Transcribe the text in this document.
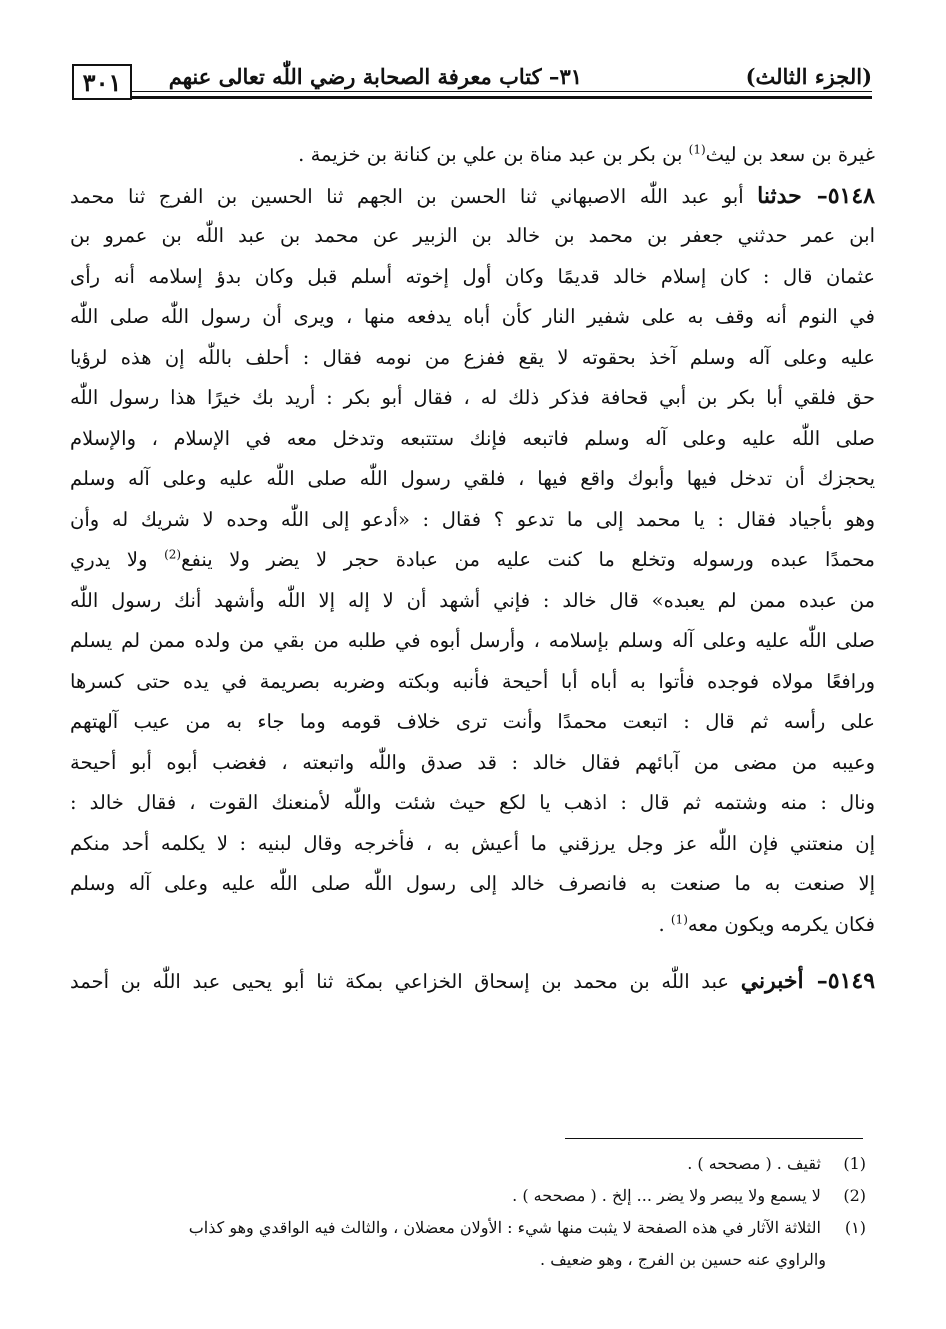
٣٠١	٣١– كتاب معرفة الصحابة رضي اللّٰه تعالى عنهم	(الجزء الثالث)
غيرة بن سعد بن ليث$^{(1)}$ بن بكر بن عبد مناة بن علي بن كنانة بن خزيمة .
٥١٤٨– حدثنا أبو عبد اللّٰه الاصبهاني ثنا الحسن بن الجهم ثنا الحسين بن الفرج ثنا محمد
ابن عمر حدثني جعفر بن محمد بن خالد بن الزبير عن محمد بن عبد اللّٰه بن عمرو بن
عثمان قال : كان إسلام خالد قديمًا وكان أول إخوته أسلم قبل وكان بدؤ إسلامه أنه رأى
في النوم أنه وقف به على شفير النار كأن أباه يدفعه منها ، ويرى أن رسول اللّٰه صلى اللّٰه
عليه وعلى آله وسلم آخذ بحقوته لا يقع ففزع من نومه فقال : أحلف باللّٰه إن هذه لرؤيا
حق فلقي أبا بكر بن أبي قحافة فذكر ذلك له ، فقال أبو بكر : أريد بك خيرًا هذا رسول اللّٰه
صلى اللّٰه عليه وعلى آله وسلم فاتبعه فإنك ستتبعه وتدخل معه في الإسلام ، والإسلام
يحجزك أن تدخل فيها وأبوك واقع فيها ، فلقي رسول اللّٰه صلى اللّٰه عليه وعلى آله وسلم
وهو بأجياد فقال : يا محمد إلى ما تدعو ؟ فقال : «أدعو إلى اللّٰه وحده لا شريك له وأن
محمدًا عبده ورسوله وتخلع ما كنت عليه من عبادة حجر لا يضر ولا ينفع$^{(2)}$ ولا يدري
من عبده ممن لم يعبده» قال خالد : فإني أشهد أن لا إله إلا اللّٰه وأشهد أنك رسول اللّٰه
صلى اللّٰه عليه وعلى آله وسلم بإسلامه ، وأرسل أبوه في طلبه من بقي من ولده ممن لم يسلم
ورافعًا مولاه فوجده فأتوا به أباه أبا أحيحة فأنبه وبكته وضربه بصريمة في يده حتى كسرها
على رأسه ثم قال : اتبعت محمدًا وأنت ترى خلاف قومه وما جاء به من عيب آلهتهم
وعيبه من مضى من آبائهم فقال خالد : قد صدق واللّٰه واتبعته ، فغضب أبوه أبو أحيحة
ونال : منه وشتمه ثم قال : اذهب يا لكع حيث شئت واللّٰه لأمنعنك القوت ، فقال خالد :
إن منعتني فإن اللّٰه عز وجل يرزقني ما أعيش به ، فأخرجه وقال لبنيه : لا يكلمه أحد منكم
إلا صنعت به ما صنعت به فانصرف خالد إلى رسول اللّٰه صلى اللّٰه عليه وعلى آله وسلم
فكان يكرمه ويكون معه$^{(1)}$ .
٥١٤٩– أخبرني عبد اللّٰه بن محمد بن إسحاق الخزاعي بمكة ثنا أبو يحيى عبد اللّٰه بن أحمد
(1) ثقيف . ( مصححه ) .
(2) لا يسمع ولا يبصر ولا يضر ... إلخ . ( مصححه ) .
(١) الثلاثة الآثار في هذه الصفحة لا يثبت منها شيء : الأولان معضلان ، والثالث فيه الواقدي وهو كذاب
والراوي عنه حسين بن الفرج ، وهو ضعيف .
